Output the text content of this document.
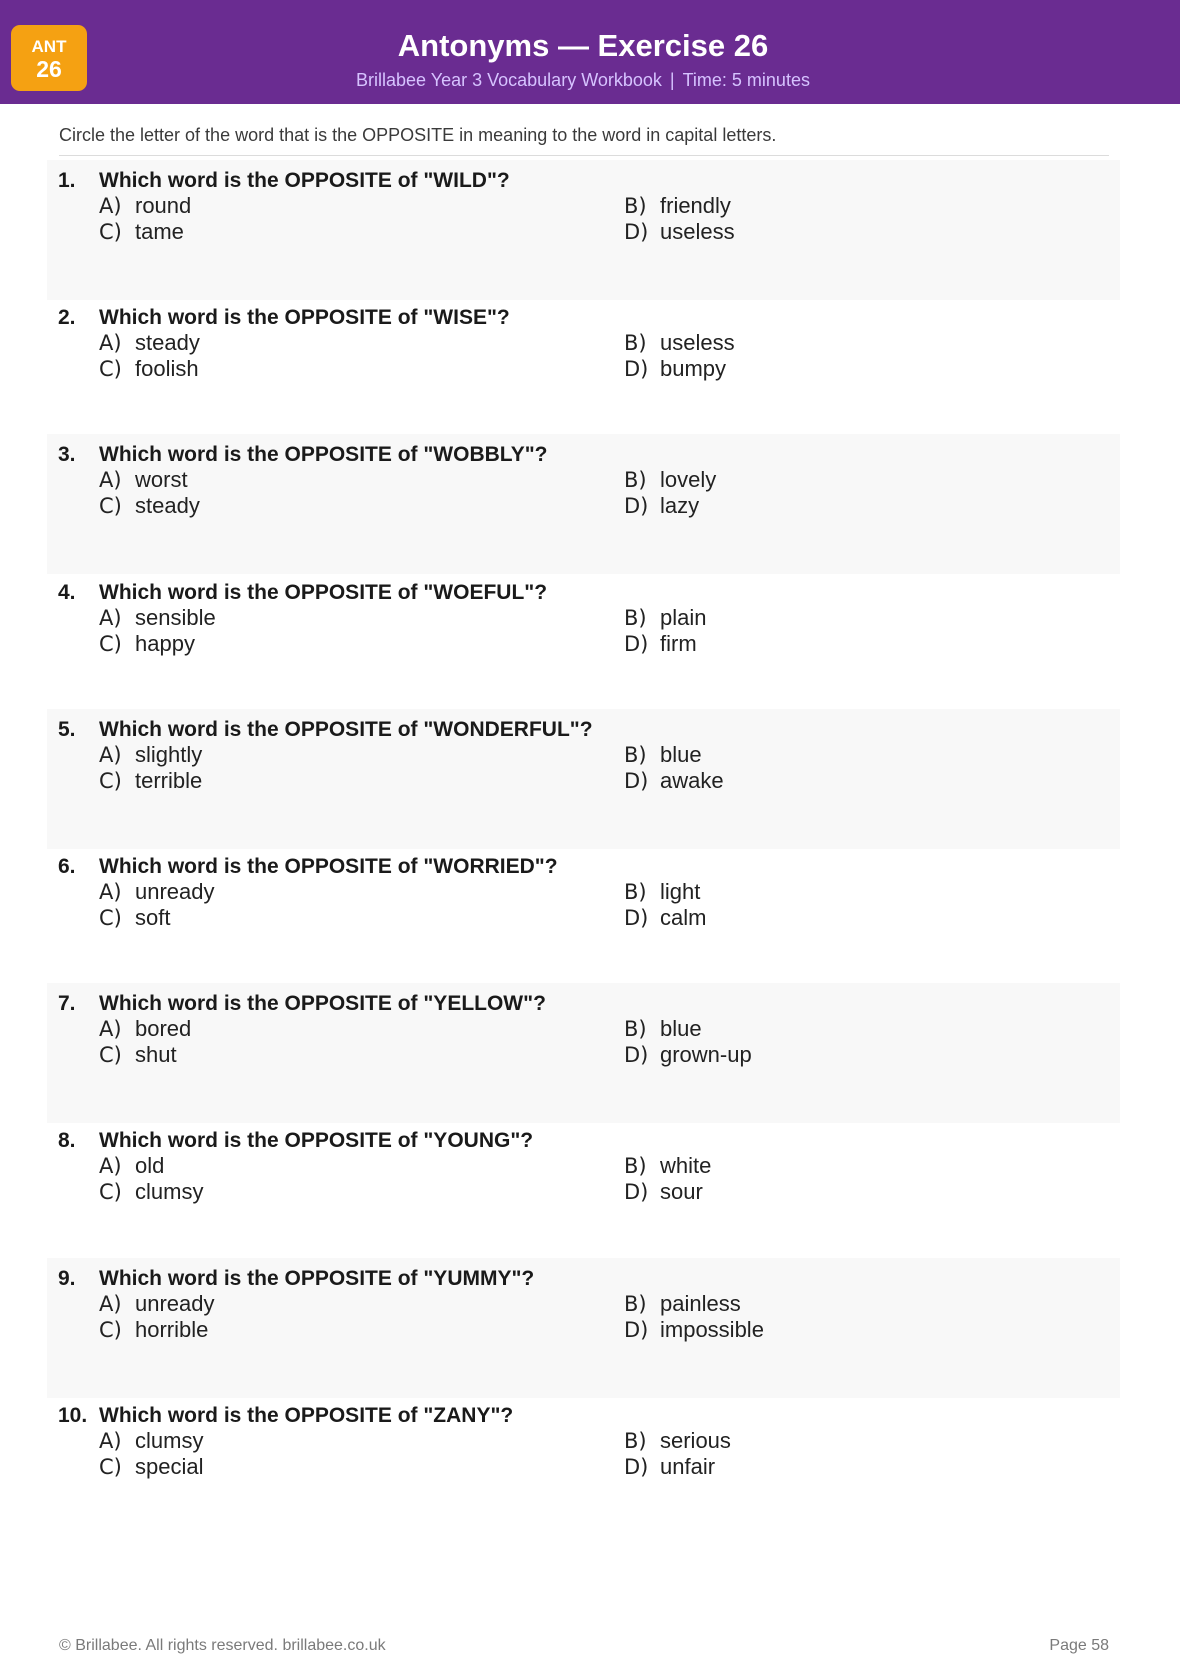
ANT
26
Antonyms — Exercise 26
Brillabee Year 3 Vocabulary Workbook | Time: 5 minutes
Circle the letter of the word that is the OPPOSITE in meaning to the word in capital letters.
1. Which word is the OPPOSITE of "WILD"?
A) round	B) friendly
C) tame	D) useless
2. Which word is the OPPOSITE of "WISE"?
A) steady	B) useless
C) foolish	D) bumpy
3. Which word is the OPPOSITE of "WOBBLY"?
A) worst	B) lovely
C) steady	D) lazy
4. Which word is the OPPOSITE of "WOEFUL"?
A) sensible	B) plain
C) happy	D) firm
5. Which word is the OPPOSITE of "WONDERFUL"?
A) slightly	B) blue
C) terrible	D) awake
6. Which word is the OPPOSITE of "WORRIED"?
A) unready	B) light
C) soft	D) calm
7. Which word is the OPPOSITE of "YELLOW"?
A) bored	B) blue
C) shut	D) grown-up
8. Which word is the OPPOSITE of "YOUNG"?
A) old	B) white
C) clumsy	D) sour
9. Which word is the OPPOSITE of "YUMMY"?
A) unready	B) painless
C) horrible	D) impossible
10. Which word is the OPPOSITE of "ZANY"?
A) clumsy	B) serious
C) special	D) unfair
© Brillabee. All rights reserved. brillabee.co.uk	Page 58
